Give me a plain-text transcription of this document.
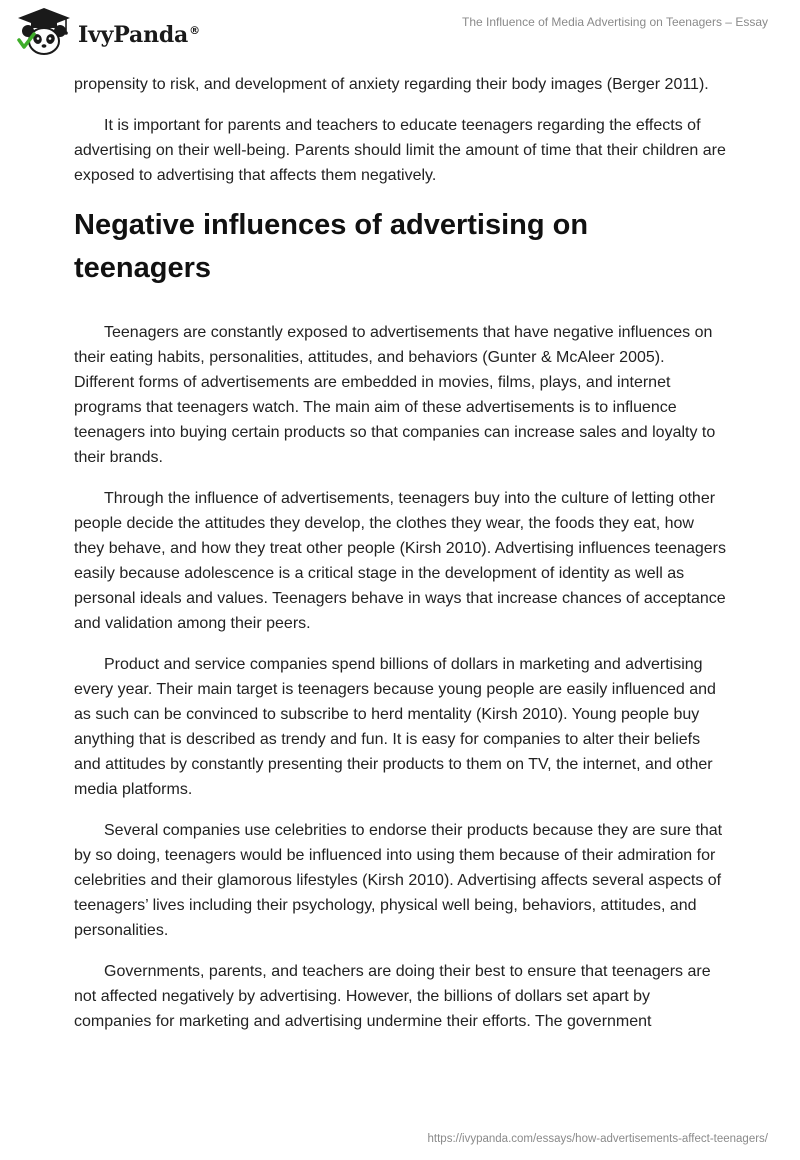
IvyPanda®
The Influence of Media Advertising on Teenagers – Essay

propensity to risk, and development of anxiety regarding their body images (Berger 2011).

It is important for parents and teachers to educate teenagers regarding the effects of advertising on their well-being. Parents should limit the amount of time that their children are exposed to advertising that affects them negatively.

Negative influences of advertising on teenagers

Teenagers are constantly exposed to advertisements that have negative influences on their eating habits, personalities, attitudes, and behaviors (Gunter & McAleer 2005). Different forms of advertisements are embedded in movies, films, plays, and internet programs that teenagers watch. The main aim of these advertisements is to influence teenagers into buying certain products so that companies can increase sales and loyalty to their brands.

Through the influence of advertisements, teenagers buy into the culture of letting other people decide the attitudes they develop, the clothes they wear, the foods they eat, how they behave, and how they treat other people (Kirsh 2010). Advertising influences teenagers easily because adolescence is a critical stage in the development of identity as well as personal ideals and values. Teenagers behave in ways that increase chances of acceptance and validation among their peers.

Product and service companies spend billions of dollars in marketing and advertising every year. Their main target is teenagers because young people are easily influenced and as such can be convinced to subscribe to herd mentality (Kirsh 2010). Young people buy anything that is described as trendy and fun. It is easy for companies to alter their beliefs and attitudes by constantly presenting their products to them on TV, the internet, and other media platforms.

Several companies use celebrities to endorse their products because they are sure that by so doing, teenagers would be influenced into using them because of their admiration for celebrities and their glamorous lifestyles (Kirsh 2010). Advertising affects several aspects of teenagers’ lives including their psychology, physical well being, behaviors, attitudes, and personalities.

Governments, parents, and teachers are doing their best to ensure that teenagers are not affected negatively by advertising. However, the billions of dollars set apart by companies for marketing and advertising undermine their efforts. The government

https://ivypanda.com/essays/how-advertisements-affect-teenagers/
